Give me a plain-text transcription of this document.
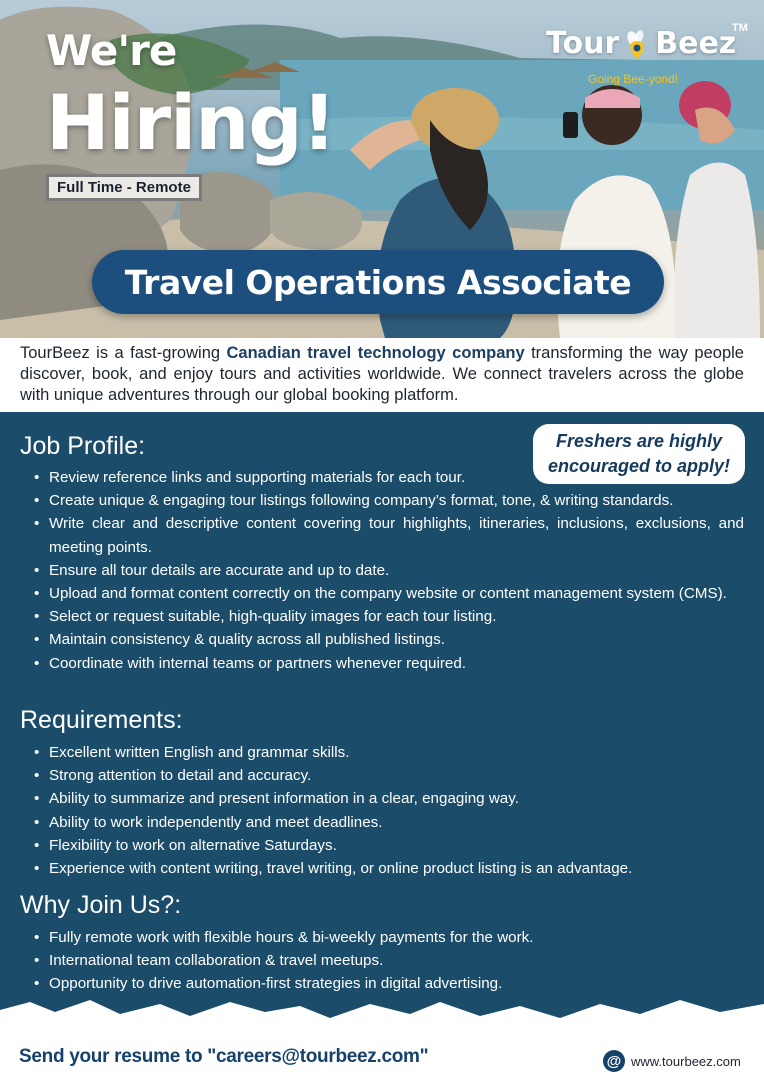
We're
Hiring!
Full Time - Remote
Tour Beez
TM
Going Bee-yond!
Travel Operations Associate

TourBeez is a fast-growing Canadian travel technology company transforming the way people discover, book, and enjoy tours and activities worldwide. We connect travelers across the globe with unique adventures through our global booking platform.

Freshers are highly
encouraged to apply!
Job Profile:
• Review reference links and supporting materials for each tour.
• Create unique & engaging tour listings following company’s format, tone, & writing standards.
• Write clear and descriptive content covering tour highlights, itineraries, inclusions, exclusions, and meeting points.
• Ensure all tour details are accurate and up to date.
• Upload and format content correctly on the company website or content management system (CMS).
• Select or request suitable, high-quality images for each tour listing.
• Maintain consistency & quality across all published listings.
• Coordinate with internal teams or partners whenever required.
Requirements:
• Excellent written English and grammar skills.
• Strong attention to detail and accuracy.
• Ability to summarize and present information in a clear, engaging way.
• Ability to work independently and meet deadlines.
• Flexibility to work on alternative Saturdays.
• Experience with content writing, travel writing, or online product listing is an advantage.
Why Join Us?:
• Fully remote work with flexible hours & bi-weekly payments for the work.
• International team collaboration & travel meetups.
• Opportunity to drive automation-first strategies in digital advertising.
Send your resume to "careers@tourbeez.com"	@ www.tourbeez.com
